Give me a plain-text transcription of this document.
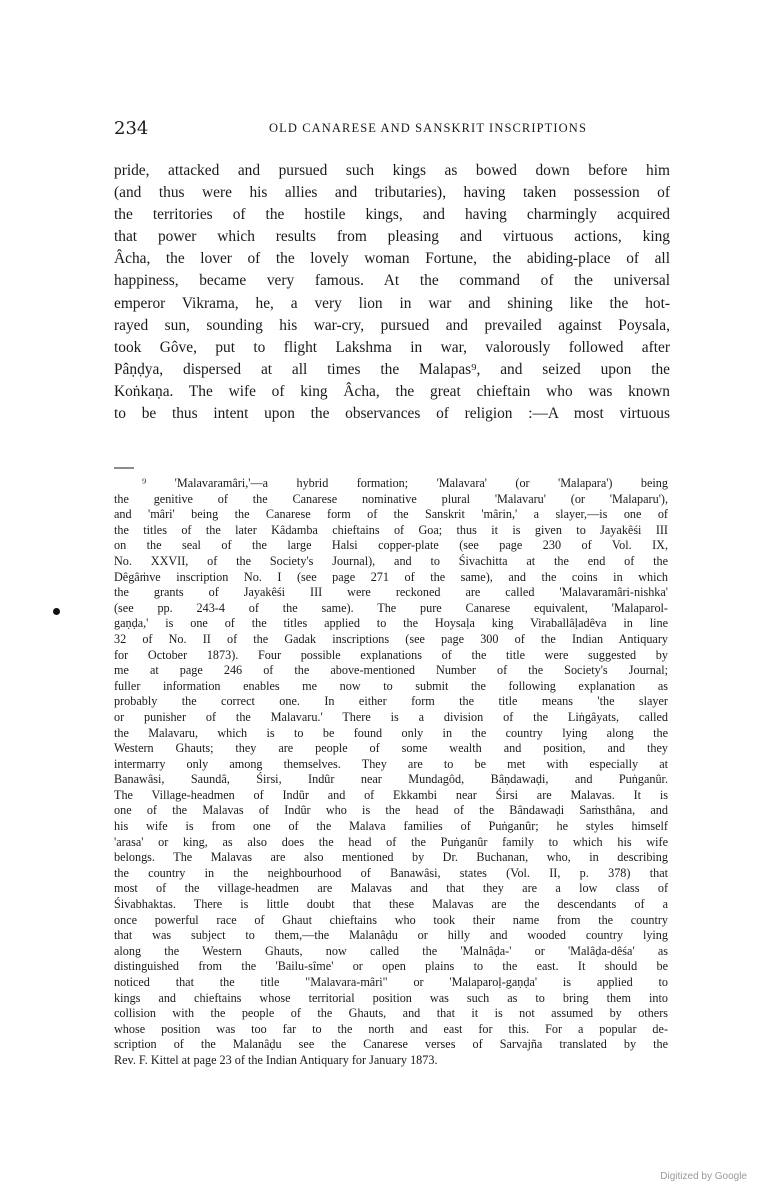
234	OLD CANARESE AND SANSKRIT INSCRIPTIONS
pride, attacked and pursued such kings as bowed down before him
(and thus were his allies and tributaries), having taken possession of
the territories of the hostile kings, and having charmingly acquired
that power which results from pleasing and virtuous actions, king
Âcha, the lover of the lovely woman Fortune, the abiding-place of all
happiness, became very famous. At the command of the universal
emperor Vikrama, he, a very lion in war and shining like the hot-
rayed sun, sounding his war-cry, pursued and prevailed against Poysala,
took Gôve, put to flight Lakshma in war, valorously followed after
Pâṇḍya, dispersed at all times the Malapas⁹, and seized upon the
Koṅkaṇa. The wife of king Âcha, the great chieftain who was known
to be thus intent upon the observances of religion :—A most virtuous
⁹ 'Malavaramâri,'—a hybrid formation; 'Malavara' (or 'Malapara') being
the genitive of the Canarese nominative plural 'Malavaru' (or 'Malaparu'),
and 'mâri' being the Canarese form of the Sanskrit 'mârin,' a slayer,—is one of
the titles of the later Kâdamba chieftains of Goa; thus it is given to Jayakêśi III
on the seal of the large Halsi copper-plate (see page 230 of Vol. IX,
No. XXVII, of the Society's Journal), and to Śivachitta at the end of the
Dêgâṁve inscription No. I (see page 271 of the same), and the coins in which
the grants of Jayakêśi III were reckoned are called 'Malavaramâri-nishka'
(see pp. 243-4 of the same). The pure Canarese equivalent, 'Malaparol-
gaṇḍa,' is one of the titles applied to the Hoysaḷa king Viraballâḷadêva in line
32 of No. II of the Gadak inscriptions (see page 300 of the Indian Antiquary
for October 1873). Four possible explanations of the title were suggested by
me at page 246 of the above-mentioned Number of the Society's Journal;
fuller information enables me now to submit the following explanation as
probably the correct one. In either form the title means 'the slayer
or punisher of the Malavaru.' There is a division of the Liṅgâyats, called
the Malavaru, which is to be found only in the country lying along the
Western Ghauts; they are people of some wealth and position, and they
intermarry only among themselves. They are to be met with especially at
Banawâsi, Saundâ, Śirsi, Indûr near Mundagôd, Bâṇdawaḍi, and Puṅganûr.
The Village-headmen of Indûr and of Ekkambi near Śirsi are Malavas. It is
one of the Malavas of Indûr who is the head of the Bândawaḍi Saṁsthâna, and
his wife is from one of the Malava families of Puṅganûr; he styles himself
'arasa' or king, as also does the head of the Puṅganûr family to which his wife
belongs. The Malavas are also mentioned by Dr. Buchanan, who, in describing
the country in the neighbourhood of Banawâsi, states (Vol. II, p. 378) that
most of the village-headmen are Malavas and that they are a low class of
Śivabhaktas. There is little doubt that these Malavas are the descendants of a
once powerful race of Ghaut chieftains who took their name from the country
that was subject to them,—the Malanâḍu or hilly and wooded country lying
along the Western Ghauts, now called the 'Malnâḍa-' or 'Malâḍa-dêśa' as
distinguished from the 'Bailu-sîme' or open plains to the east. It should be
noticed that the title "Malavara-mâri" or 'Malaparoḷ-gaṇḍa' is applied to
kings and chieftains whose territorial position was such as to bring them into
collision with the people of the Ghauts, and that it is not assumed by others
whose position was too far to the north and east for this. For a popular de-
scription of the Malanâḍu see the Canarese verses of Sarvajña translated by the
Rev. F. Kittel at page 23 of the Indian Antiquary for January 1873.
Digitized by Google
